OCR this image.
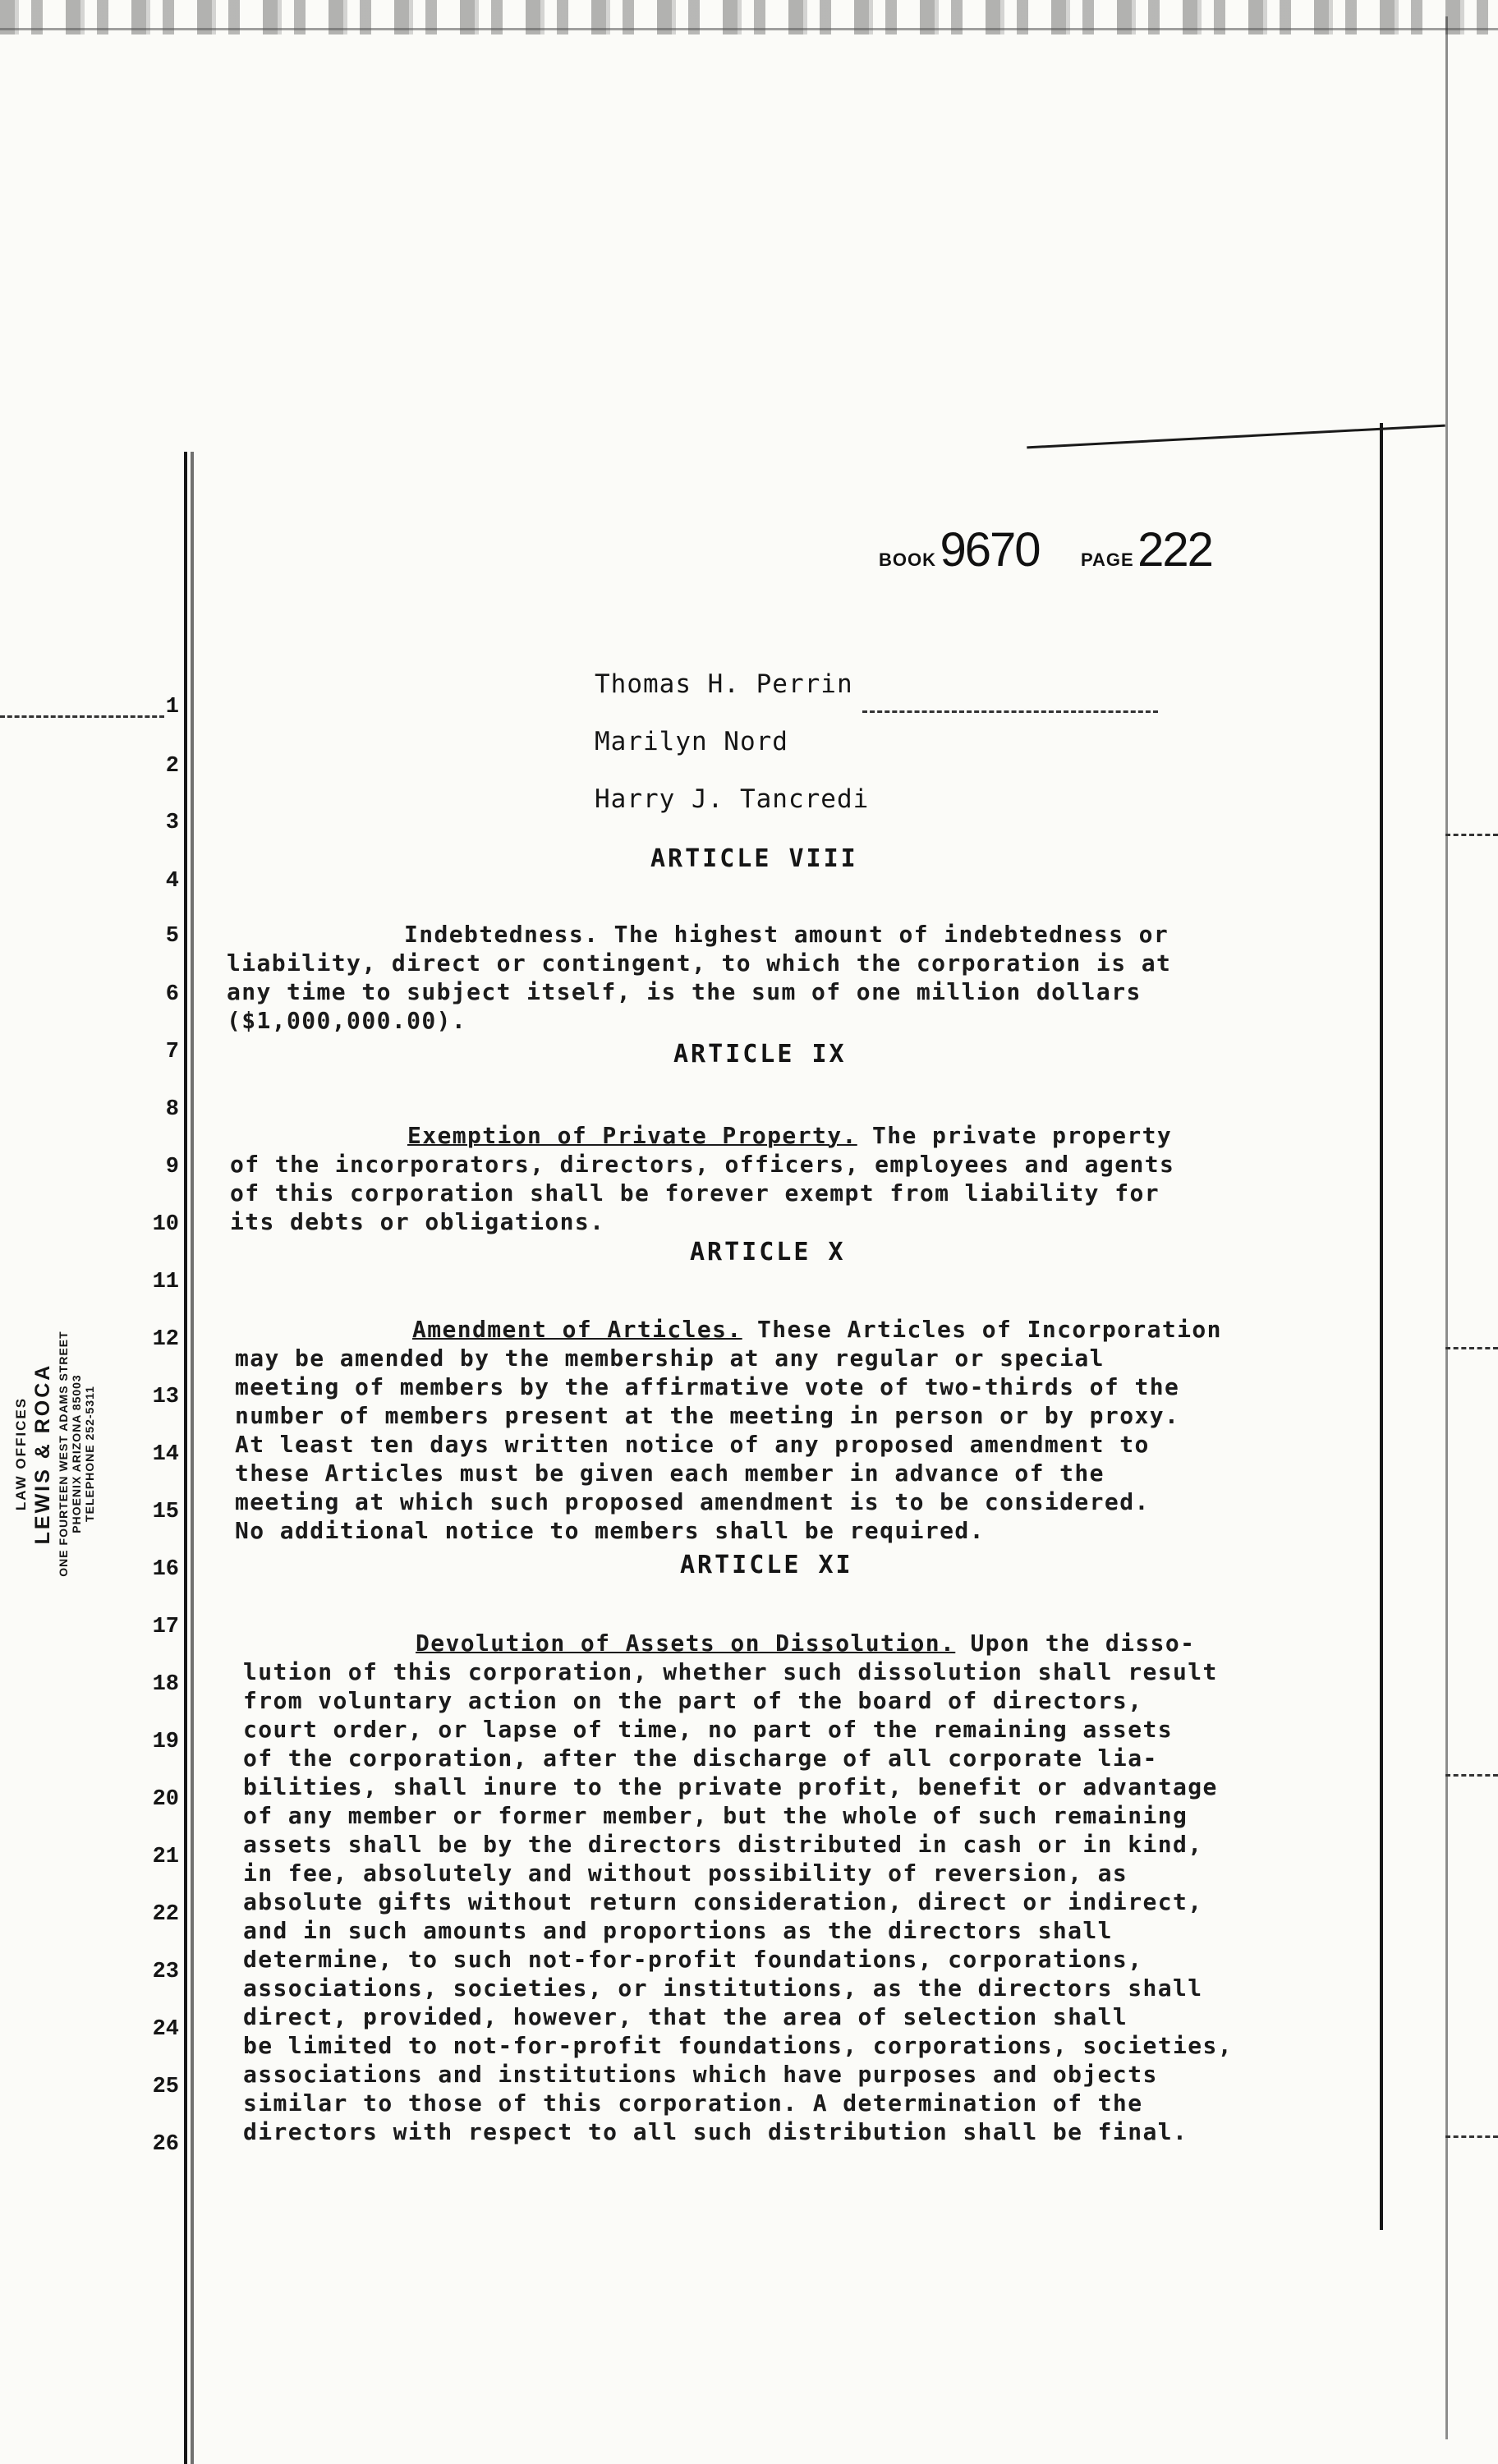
BOOK 9670 PAGE 222
Thomas H. Perrin
Marilyn Nord
Harry J. Tancredi
1
2
3
4
5
6
7
8
9
10
11
12
13
14
15
16
17
18
19
20
21
22
23
24
25
26
ARTICLE VIII

Indebtedness. The highest amount of indebtedness or
liability, direct or contingent, to which the corporation is at
any time to subject itself, is the sum of one million dollars
($1,000,000.00).

ARTICLE IX

Exemption of Private Property. The private property
of the incorporators, directors, officers, employees and agents
of this corporation shall be forever exempt from liability for
its debts or obligations.

ARTICLE X

Amendment of Articles. These Articles of Incorporation
may be amended by the membership at any regular or special
meeting of members by the affirmative vote of two-thirds of the
number of members present at the meeting in person or by proxy.
At least ten days written notice of any proposed amendment to
these Articles must be given each member in advance of the
meeting at which such proposed amendment is to be considered.
No additional notice to members shall be required.

ARTICLE XI

Devolution of Assets on Dissolution. Upon the disso-
lution of this corporation, whether such dissolution shall result
from voluntary action on the part of the board of directors,
court order, or lapse of time, no part of the remaining assets
of the corporation, after the discharge of all corporate lia-
bilities, shall inure to the private profit, benefit or advantage
of any member or former member, but the whole of such remaining
assets shall be by the directors distributed in cash or in kind,
in fee, absolutely and without possibility of reversion, as
absolute gifts without return consideration, direct or indirect,
and in such amounts and proportions as the directors shall
determine, to such not-for-profit foundations, corporations,
associations, societies, or institutions, as the directors shall
direct, provided, however, that the area of selection shall
be limited to not-for-profit foundations, corporations, societies,
associations and institutions which have purposes and objects
similar to those of this corporation. A determination of the
directors with respect to all such distribution shall be final.

LAW OFFICES LEWIS & ROCA ONE FOURTEEN WEST ADAMS STREET PHOENIX ARIZONA 85003 TELEPHONE 252-5311
